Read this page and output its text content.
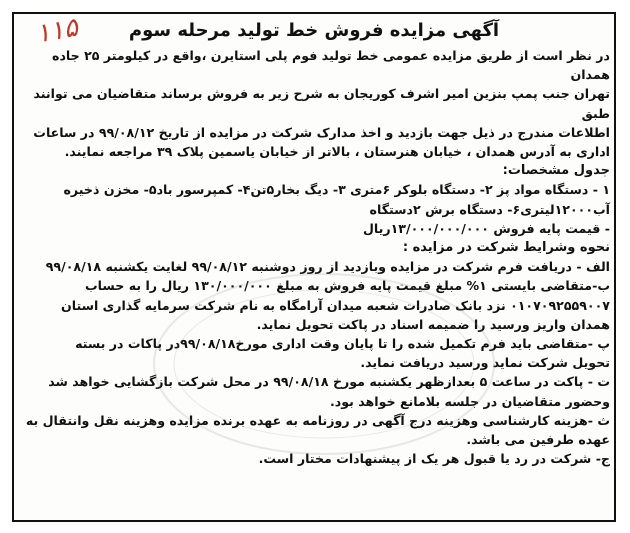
۱۱۵	آگهی مزایده فروش خط تولید مرحله سوم
در نظر است از طریق مزایده عمومی خط تولید فوم پلی استایرن ،واقع در کیلومتر ۲۵ جاده همدان
تهران جنب پمپ بنزین امیر اشرف کوریجان به شرح زیر به فروش برساند متقاضیان می توانند طبق
اطلاعات مندرج در ذیل جهت بازدید و اخذ مدارک شرکت در مزایده از تاریخ ۹۹/۰۸/۱۲ در ساعات
اداری به آدرس همدان ، خیابان هنرستان ، بالاتر از خیابان یاسمین پلاک ۳۹ مراجعه نمایند.
جدول مشخصات:
۱ - دستگاه مواد پز ۲- دستگاه بلوکر ۶متری ۳- دیگ بخار۵تن۴- کمپرسور باد۵- مخزن ذخیره
آب۱۲۰۰۰لیتری۶- دستگاه برش ۲دستگاه
- قیمت پایه فروش ۱۳/۰۰۰/۰۰۰/۰۰۰ریال
نحوه وشرایط شرکت در مزایده :
الف - دریافت فرم شرکت در مزایده وبازدید از روز دوشنبه ۹۹/۰۸/۱۲ لغایت یکشنبه ۹۹/۰۸/۱۸
ب-متقاضی بایستی ۱% مبلغ قیمت پایه فروش به مبلغ ۱۳۰/۰۰۰/۰۰۰ ریال را به حساب
۰۱۰۷۰۹۲۵۵۹۰۰۷ نزد بانک صادرات شعبه میدان آرامگاه به نام شرکت سرمایه گذاری استان
همدان واریز ورسید را ضمیمه اسناد در پاکت تحویل نماید.
پ -متقاضی باید فرم تکمیل شده را تا پایان وقت اداری مورخ۹۹/۰۸/۱۸در پاکات در بسته
تحویل شرکت نماید ورسید دریافت نماید.
ت - پاکت در ساعت ۵ بعدازظهر یکشنبه مورخ ۹۹/۰۸/۱۸ در محل شرکت بازگشایی خواهد شد
وحضور متقاضیان در جلسه بلامانع خواهد بود.
ث -هزینه کارشناسی وهزینه درج آگهی در روزنامه به عهده برنده مزایده وهزینه نقل وانتقال به
عهده طرفین می باشد.
ج- شرکت در رد یا قبول هر یک از پیشنهادات مختار است.
